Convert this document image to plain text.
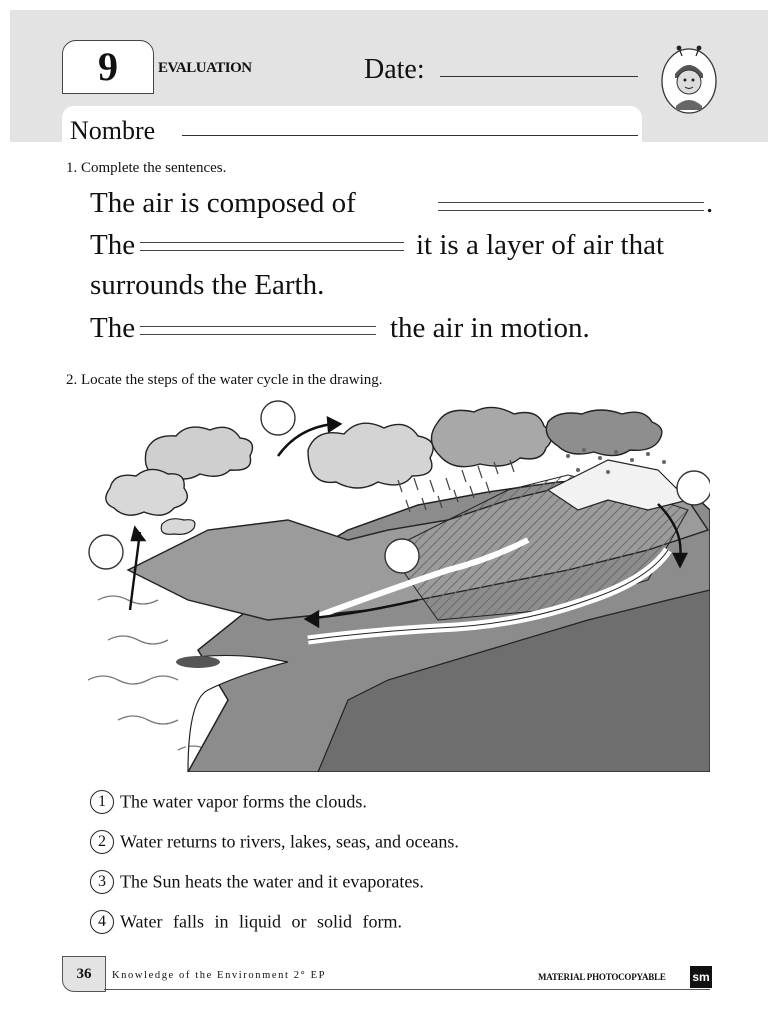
9	EVALUATION	Date:
Nombre
1. Complete the sentences.
The air is composed of	.
The	it is a layer of air that
surrounds the Earth.
The	the air in motion.
2. Locate the steps of the water cycle in the drawing.
1 The water vapor forms the clouds.
2 Water returns to rivers, lakes, seas, and oceans.
3 The Sun heats the water and it evaporates.
4 Water falls in liquid or solid form.
36	Knowledge of the Environment 2° EP	MATERIAL PHOTOCOPYABLE sm
